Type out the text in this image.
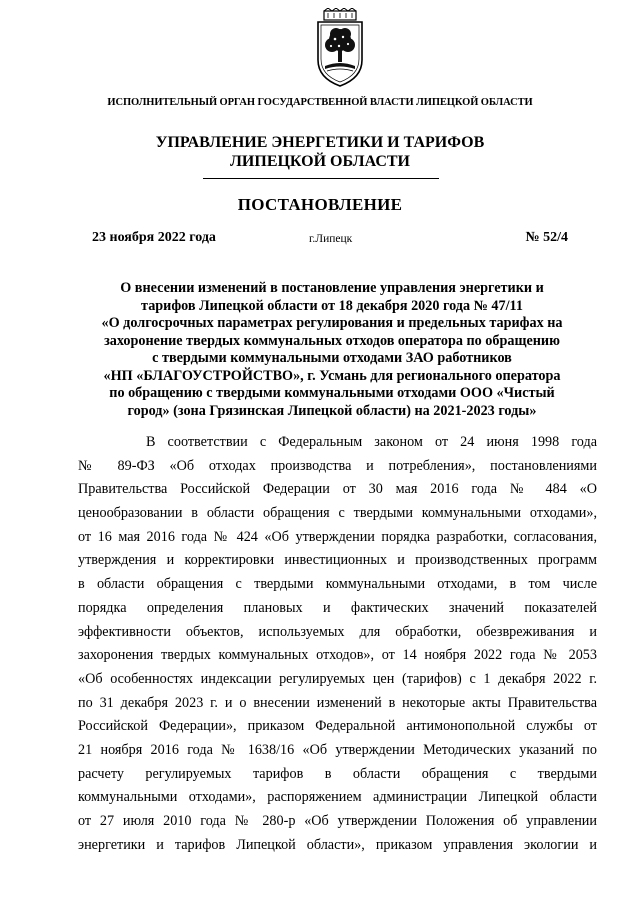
ИСПОЛНИТЕЛЬНЫЙ ОРГАН ГОСУДАРСТВЕННОЙ ВЛАСТИ ЛИПЕЦКОЙ ОБЛАСТИ
УПРАВЛЕНИЕ ЭНЕРГЕТИКИ И ТАРИФОВ
ЛИПЕЦКОЙ ОБЛАСТИ
ПОСТАНОВЛЕНИЕ
23 ноября 2022 года	г.Липецк	№ 52/4
О внесении изменений в постановление управления энергетики и
тарифов Липецкой области от 18 декабря 2020 года № 47/11
«О долгосрочных параметрах регулирования и предельных тарифах на
захоронение твердых коммунальных отходов оператора по обращению
с твердыми коммунальными отходами ЗАО работников
«НП «БЛАГОУСТРОЙСТВО», г. Усмань для регионального оператора
по обращению с твердыми коммунальными отходами ООО «Чистый
город» (зона Грязинская Липецкой области) на 2021-2023 годы»
В соответствии с Федеральным законом от 24 июня 1998 года
№ 89-ФЗ «Об отходах производства и потребления», постановлениями
Правительства Российской Федерации от 30 мая 2016 года № 484 «О
ценообразовании в области обращения с твердыми коммунальными отходами»,
от 16 мая 2016 года № 424 «Об утверждении порядка разработки, согласования,
утверждения и корректировки инвестиционных и производственных программ
в области обращения с твердыми коммунальными отходами, в том числе
порядка определения плановых и фактических значений показателей
эффективности объектов, используемых для обработки, обезвреживания и
захоронения твердых коммунальных отходов», от 14 ноября 2022 года № 2053
«Об особенностях индексации регулируемых цен (тарифов) с 1 декабря 2022 г.
по 31 декабря 2023 г. и о внесении изменений в некоторые акты Правительства
Российской Федерации», приказом Федеральной антимонопольной службы от
21 ноября 2016 года № 1638/16 «Об утверждении Методических указаний по
расчету регулируемых тарифов в области обращения с твердыми
коммунальными отходами», распоряжением администрации Липецкой области
от 27 июля 2010 года № 280-р «Об утверждении Положения об управлении
энергетики и тарифов Липецкой области», приказом управления экологии и
